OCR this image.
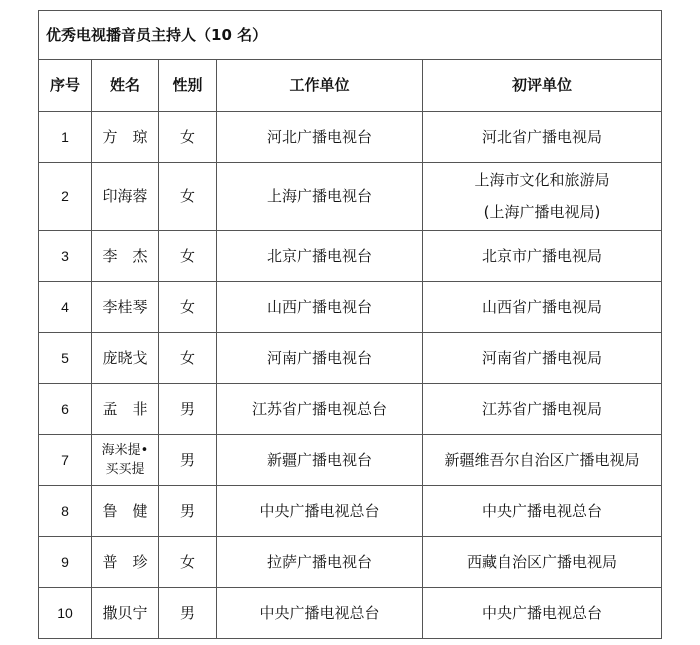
优秀电视播音员主持人（10 名）				
序号	姓名	性别	工作单位	初评单位
1	方　琼	女	河北广播电视台	河北省广播电视局
2	印海蓉	女	上海广播电视台	上海市文化和旅游局
(上海广播电视局)

3	李　杰	女	北京广播电视台	北京市广播电视局
4	李桂琴	女	山西广播电视台	山西省广播电视局
5	庞晓戈	女	河南广播电视台	河南省广播电视局
6	孟　非	男	江苏省广播电视总台	江苏省广播电视局
7	海米提•
买买提	男	新疆广播电视台	新疆维吾尔自治区广播电视局
8	鲁　健	男	中央广播电视总台	中央广播电视总台
9	普　珍	女	拉萨广播电视台	西藏自治区广播电视局
10	撒贝宁	男	中央广播电视总台	中央广播电视总台
